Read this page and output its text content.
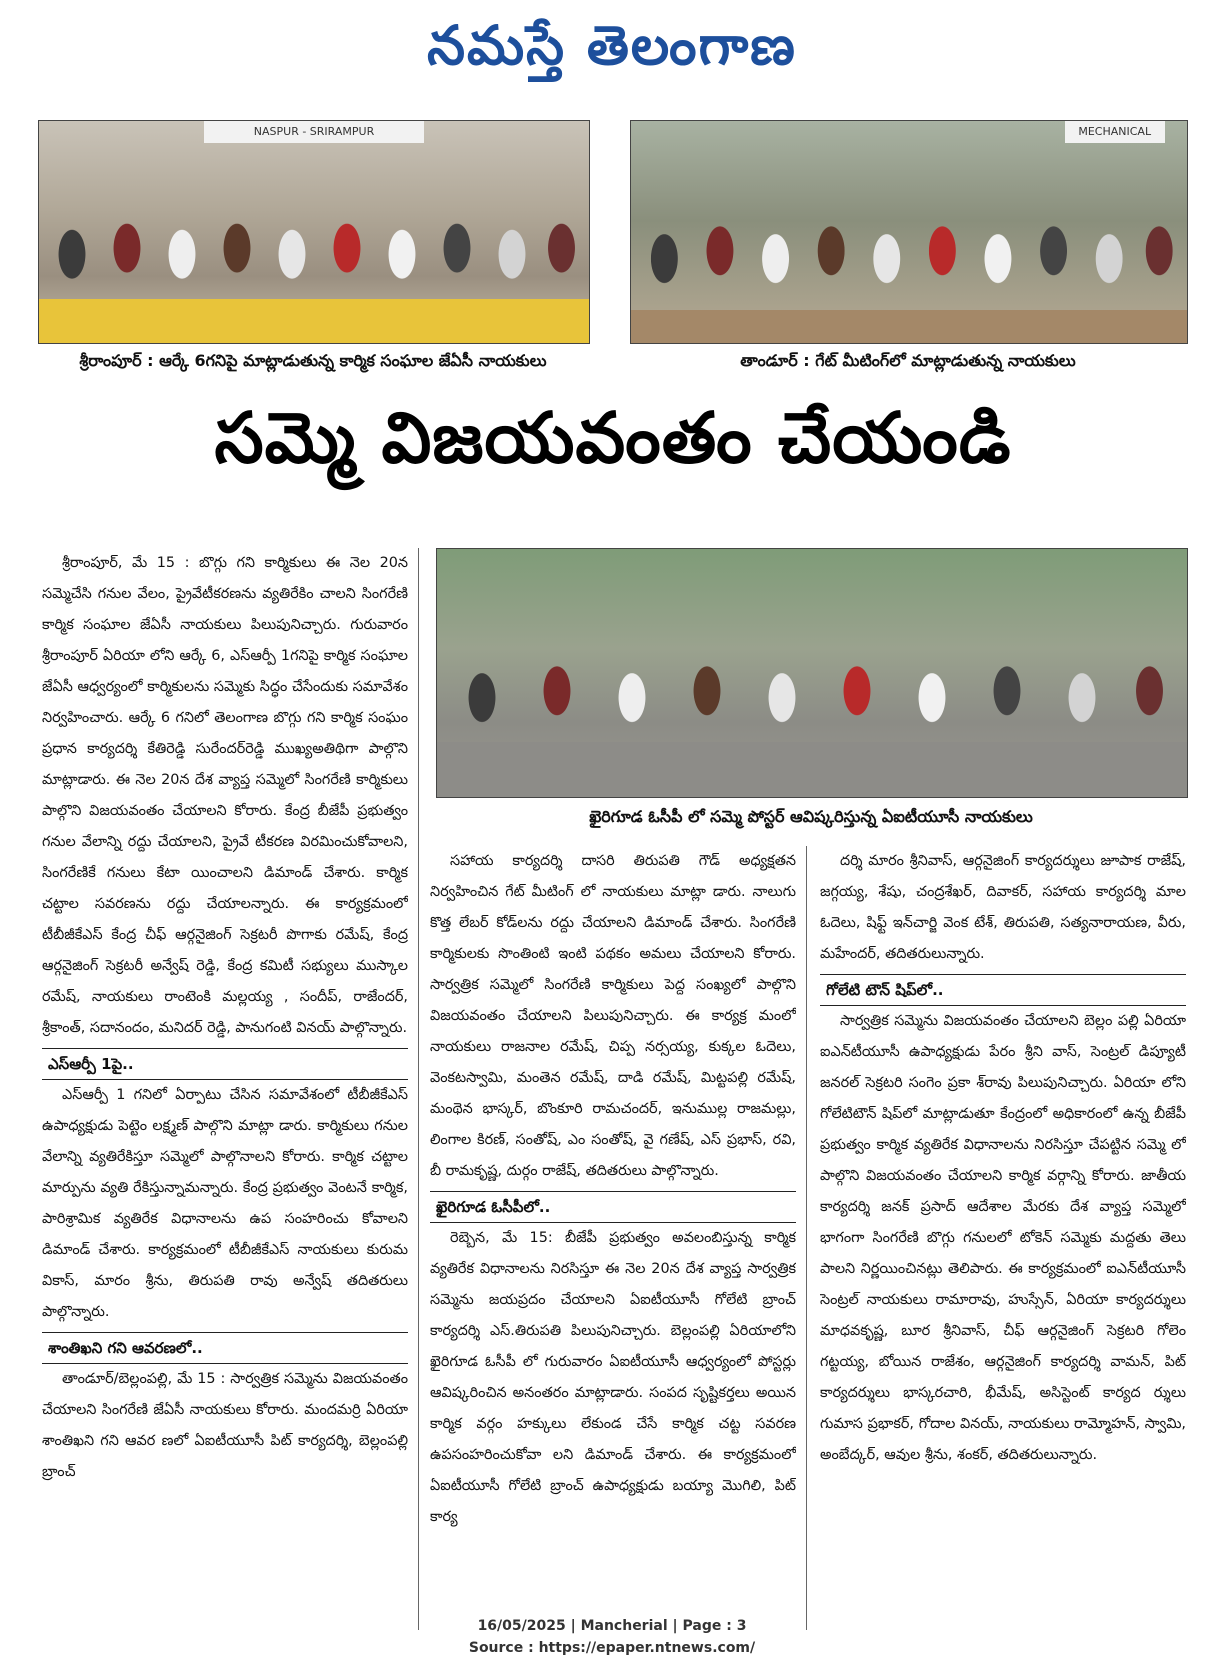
నమస్తే తెలంగాణ
NASPUR - SRIRAMPUR
శ్రీరాంపూర్ : ఆర్కే 6గనిపై మాట్లాడుతున్న కార్మిక సంఘాల జేఏసీ నాయకులు
MECHANICAL
తాండూర్ : గేట్ మీటింగ్‌లో మాట్లాడుతున్న నాయకులు
సమ్మె విజయవంతం చేయండి
ఖైరిగూడ ఓసీపీ లో సమ్మె పోస్టర్ ఆవిష్కరిస్తున్న ఏఐటీయూసీ నాయకులు

శ్రీరాంపూర్, మే 15 : బొగ్గు గని కార్మికులు ఈ నెల 20న సమ్మెచేసి గనుల వేలం, ప్రైవేటీకరణను వ్యతిరేకిం చాలని సింగరేణి కార్మిక సంఘాల జేఏసీ నాయకులు పిలుపునిచ్చారు. గురువారం శ్రీరాంపూర్ ఏరియా లోని ఆర్కే 6, ఎస్ఆర్పీ 1గనిపై కార్మిక సంఘాల జేఏసీ ఆధ్వర్యంలో కార్మికులను సమ్మెకు సిద్ధం చేసేందుకు సమావేశం నిర్వహించారు. ఆర్కే 6 గనిలో తెలంగాణ బొగ్గు గని కార్మిక సంఘం ప్రధాన కార్యదర్శి కేతిరెడ్డి సురేందర్‌రెడ్డి ముఖ్యఅతిథిగా పాల్గొని మాట్లాడారు. ఈ నెల 20న దేశ వ్యాప్త సమ్మెలో సింగరేణి కార్మికులు పాల్గొని విజయవంతం చేయాలని కోరారు. కేంద్ర బీజేపీ ప్రభుత్వం గనుల వేలాన్ని రద్దు చేయాలని, ప్రైవే టీకరణ విరమించుకోవాలని, సింగరేణికే గనులు కేటా యించాలని డిమాండ్ చేశారు. కార్మిక చట్టాల సవరణను రద్దు చేయాలన్నారు. ఈ కార్యక్రమంలో టీబీజీకేఎస్ కేంద్ర చీఫ్ ఆర్గనైజింగ్ సెక్రటరీ పొగాకు రమేష్, కేంద్ర ఆర్గనైజింగ్ సెక్రటరీ అన్వేష్ రెడ్డి, కేంద్ర కమిటీ సభ్యులు ముస్కాల రమేష్, నాయకులు రాంటెంకి మల్లయ్య , సందీప్, రాజేందర్, శ్రీకాంత్, సదానందం, మనిదర్ రెడ్డి, పానుగంటి వినయ్ పాల్గొన్నారు.

ఎస్ఆర్పీ 1పై..

ఎస్ఆర్పీ 1 గనిలో ఏర్పాటు చేసిన సమావేశంలో టీబీజీకేఎస్ ఉపాధ్యక్షుడు పెట్టెం లక్ష్మణ్ పాల్గొని మాట్లా డారు. కార్మికులు గనుల వేలాన్ని వ్యతిరేకిస్తూ సమ్మెలో పాల్గొనాలని కోరారు. కార్మిక చట్టాల మార్పును వ్యతి రేకిస్తున్నామన్నారు. కేంద్ర ప్రభుత్వం వెంటనే కార్మిక, పారిశ్రామిక వ్యతిరేక విధానాలను ఉప సంహరించు కోవాలని డిమాండ్ చేశారు. కార్యక్రమంలో టీబీజీకేఎస్ నాయకులు కురుమ వికాస్, మారం శ్రీను, తిరుపతి రావు అన్వేష్ తదితరులు పాల్గొన్నారు.

శాంతిఖని గని ఆవరణలో..

తాండూర్/బెల్లంపల్లి, మే 15 : సార్వత్రిక సమ్మెను విజయవంతం చేయాలని సింగరేణి జేఏసీ నాయకులు కోరారు. మందమర్రి ఏరియా శాంతిఖని గని ఆవర ణలో ఏఐటీయూసీ పిట్ కార్యదర్శి, బెల్లంపల్లి బ్రాంచ్

సహాయ కార్యదర్శి దాసరి తిరుపతి గౌడ్ అధ్యక్షతన నిర్వహించిన గేట్ మీటింగ్ లో నాయకులు మాట్లా డారు. నాలుగు కొత్త లేబర్ కోడ్‌లను రద్దు చేయాలని డిమాండ్ చేశారు. సింగరేణి కార్మికులకు సొంతింటి ఇంటి పథకం అమలు చేయాలని కోరారు. సార్వత్రిక సమ్మెలో సింగరేణి కార్మికులు పెద్ద సంఖ్యలో పాల్గొని విజయవంతం చేయాలని పిలుపునిచ్చారు. ఈ కార్యక్ర మంలో నాయకులు రాజనాల రమేష్, చిప్ప నర్సయ్య, కుక్కల ఓదెలు, వెంకటస్వామి, మంతెన రమేష్, దాడి రమేష్, మిట్టపల్లి రమేష్, మంథెన భాస్కర్, బొంకూరి రామచందర్, ఇనుముల్ల రాజమల్లు, లింగాల కిరణ్, సంతోష్, ఎం సంతోష్, వై గణేష్, ఎస్ ప్రభాస్, రవి, బీ రామకృష్ణ, దుర్గం రాజేష్, తదితరులు పాల్గొన్నారు.

ఖైరిగూడ ఓసీపీలో..

రెబ్బెన, మే 15: బీజేపీ ప్రభుత్వం అవలంబిస్తున్న కార్మిక వ్యతిరేక విధానాలను నిరసిస్తూ ఈ నెల 20న దేశ వ్యాప్త సార్వత్రిక సమ్మెను జయప్రదం చేయాలని ఏఐటీయూసీ గోలేటి బ్రాంచ్ కార్యదర్శి ఎస్.తిరుపతి పిలుపునిచ్చారు. బెల్లంపల్లి ఏరియాలోని ఖైరిగూడ ఓసీపీ లో గురువారం ఏఐటీయూసీ ఆధ్వర్యంలో పోస్టర్లు ఆవిష్కరించిన అనంతరం మాట్లాడారు. సంపద సృష్టికర్తలు అయిన కార్మిక వర్గం హక్కులు లేకుండ చేసే కార్మిక చట్ట సవరణ ఉపసంహరించుకోవా లని డిమాండ్ చేశారు. ఈ కార్యక్రమంలో ఏఐటీయూసీ గోలేటి బ్రాంచ్ ఉపాధ్యక్షుడు బయ్యా మొగిలి, పిట్ కార్య

దర్శి మారం శ్రీనివాస్, ఆర్గనైజింగ్ కార్యదర్శులు జూపాక రాజేష్, జగ్గయ్య, శేషు, చంద్రశేఖర్, దివాకర్, సహాయ కార్యదర్శి మాల ఓదెలు, షిఫ్ట్ ఇన్‌చార్జి వెంక టేశ్, తిరుపతి, సత్యనారాయణ, వీరు, మహేందర్, తదితరులున్నారు.

గోలేటి టౌన్ షిప్‌లో..

సార్వత్రిక సమ్మెను విజయవంతం చేయాలని బెల్లం పల్లి ఏరియా ఐఎన్‌టీయూసీ ఉపాధ్యక్షుడు పేరం శ్రీని వాస్, సెంట్రల్ డిప్యూటీ జనరల్ సెక్రటరి సంగెం ప్రకా శ్‌రావు పిలుపునిచ్చారు. ఏరియా లోని గోలేటిటౌన్ షిప్‌లో మాట్లాడుతూ కేంద్రంలో అధికారంలో ఉన్న బీజేపీ ప్రభుత్వం కార్మిక వ్యతిరేక విధానాలను నిరసిస్తూ చేపట్టిన సమ్మె లో పాల్గొని విజయవంతం చేయాలని కార్మిక వర్గాన్ని కోరారు. జాతీయ కార్యదర్శి జనక్ ప్రసాద్ ఆదేశాల మేరకు దేశ వ్యాప్త సమ్మెలో భాగంగా సింగరేణి బొగ్గు గనులలో టోకెన్ సమ్మెకు మద్దతు తెలు పాలని నిర్ణయించినట్లు తెలిపారు. ఈ కార్యక్రమంలో ఐఎన్‌టీయూసీ సెంట్రల్ నాయకులు రామారావు, హుస్సేన్, ఏరియా కార్యదర్శులు మాధవకృష్ణ, బూర శ్రీనివాస్, చీఫ్ ఆర్గనైజింగ్ సెక్రటరి గోలెం గట్టయ్య, బోయిన రాజేశం, ఆర్గనైజింగ్ కార్యదర్శి వామన్, పిట్ కార్యదర్శులు భాస్కరచారి, భీమేష్, అసిస్టెంట్ కార్యద ర్శులు గుమాస ప్రభాకర్, గోదాల వినయ్, నాయకులు రామ్మోహన్, స్వామి, అంబేద్కర్, ఆవుల శ్రీను, శంకర్, తదితరులున్నారు.

16/05/2025 | Mancherial | Page : 3
Source : https://epaper.ntnews.com/
